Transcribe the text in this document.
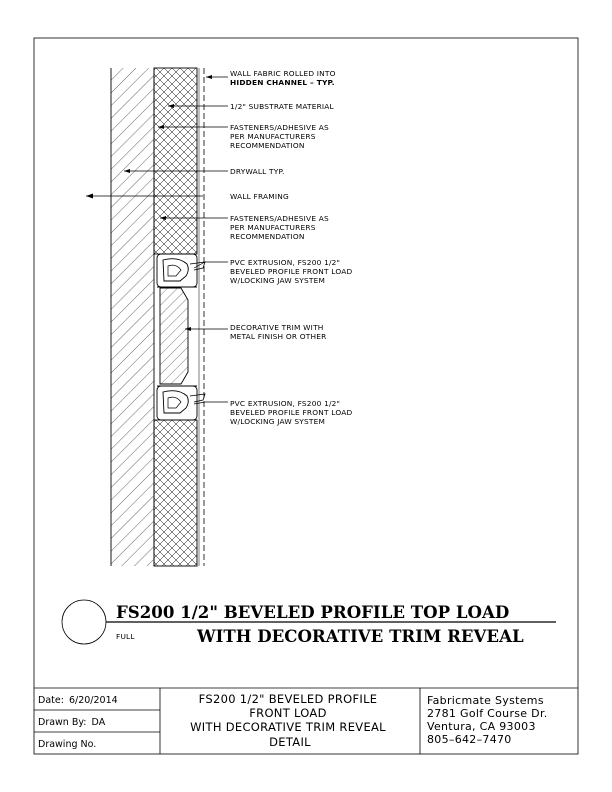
WALL FABRIC ROLLED INTO HIDDEN CHANNEL – TYP.
1/2" SUBSTRATE MATERIAL
FASTENERS/ADHESIVE AS PER MANUFACTURERS RECOMMENDATION
DRYWALL TYP.
WALL FRAMING
FASTENERS/ADHESIVE AS PER MANUFACTURERS RECOMMENDATION
PVC EXTRUSION, FS200 1/2" BEVELED PROFILE FRONT LOAD W/LOCKING JAW SYSTEM
DECORATIVE TRIM WITH METAL FINISH OR OTHER
PVC EXTRUSION, FS200 1/2" BEVELED PROFILE FRONT LOAD W/LOCKING JAW SYSTEM
FS200 1/2" BEVELED PROFILE TOP LOAD
WITH DECORATIVE TRIM REVEAL
FULL
Date: 6/20/2014
Drawn By: DA
Drawing No.
FS200 1/2" BEVELED PROFILE FRONT LOAD WITH DECORATIVE TRIM REVEAL DETAIL
Fabricmate Systems 2781 Golf Course Dr. Ventura, CA 93003 805–642–7470
